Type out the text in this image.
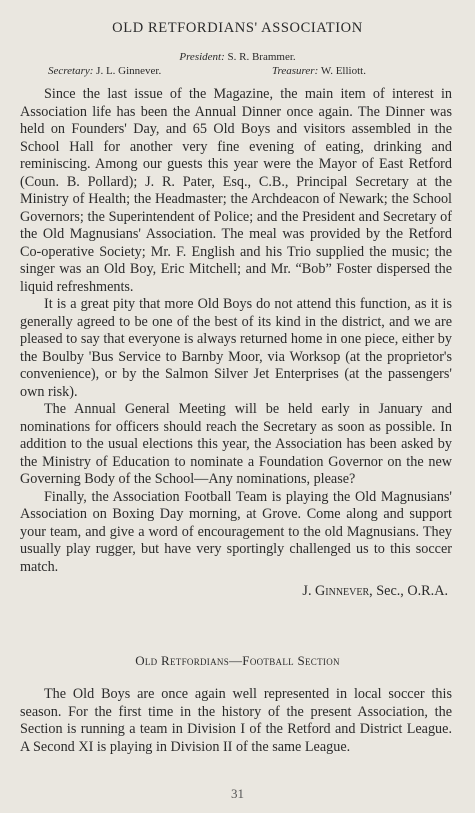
OLD RETFORDIANS' ASSOCIATION
President: S. R. Brammer.
Secretary: J. L. Ginnever.	Treasurer: W. Elliott.

Since the last issue of the Magazine, the main item of interest in Association life has been the Annual Dinner once again. The Dinner was held on Founders' Day, and 65 Old Boys and visitors assembled in the School Hall for another very fine evening of eating, drinking and reminiscing. Among our guests this year were the Mayor of East Retford (Coun. B. Pollard); J. R. Pater, Esq., C.B., Principal Secretary at the Ministry of Health; the Headmaster; the Archdeacon of Newark; the School Governors; the Superintendent of Police; and the President and Secretary of the Old Magnusians' Association. The meal was provided by the Retford Co-operative Society; Mr. F. English and his Trio supplied the music; the singer was an Old Boy, Eric Mitchell; and Mr. “Bob” Foster dispersed the liquid refreshments.

It is a great pity that more Old Boys do not attend this function, as it is generally agreed to be one of the best of its kind in the district, and we are pleased to say that everyone is always returned home in one piece, either by the Boulby 'Bus Service to Barnby Moor, via Worksop (at the proprietor's convenience), or by the Salmon Silver Jet Enterprises (at the passengers' own risk).

The Annual General Meeting will be held early in January and nominations for officers should reach the Secretary as soon as possible. In addition to the usual elections this year, the Association has been asked by the Ministry of Education to nominate a Foundation Governor on the new Governing Body of the School—Any nominations, please?

Finally, the Association Football Team is playing the Old Magnusians' Association on Boxing Day morning, at Grove. Come along and support your team, and give a word of encouragement to the old Magnusians. They usually play rugger, but have very sportingly challenged us to this soccer match.

J. Ginnever, Sec., O.R.A.
Old Retfordians—Football Section

The Old Boys are once again well represented in local soccer this season. For the first time in the history of the present Association, the Section is running a team in Division I of the Retford and District League. A Second XI is playing in Division II of the same League.

31
